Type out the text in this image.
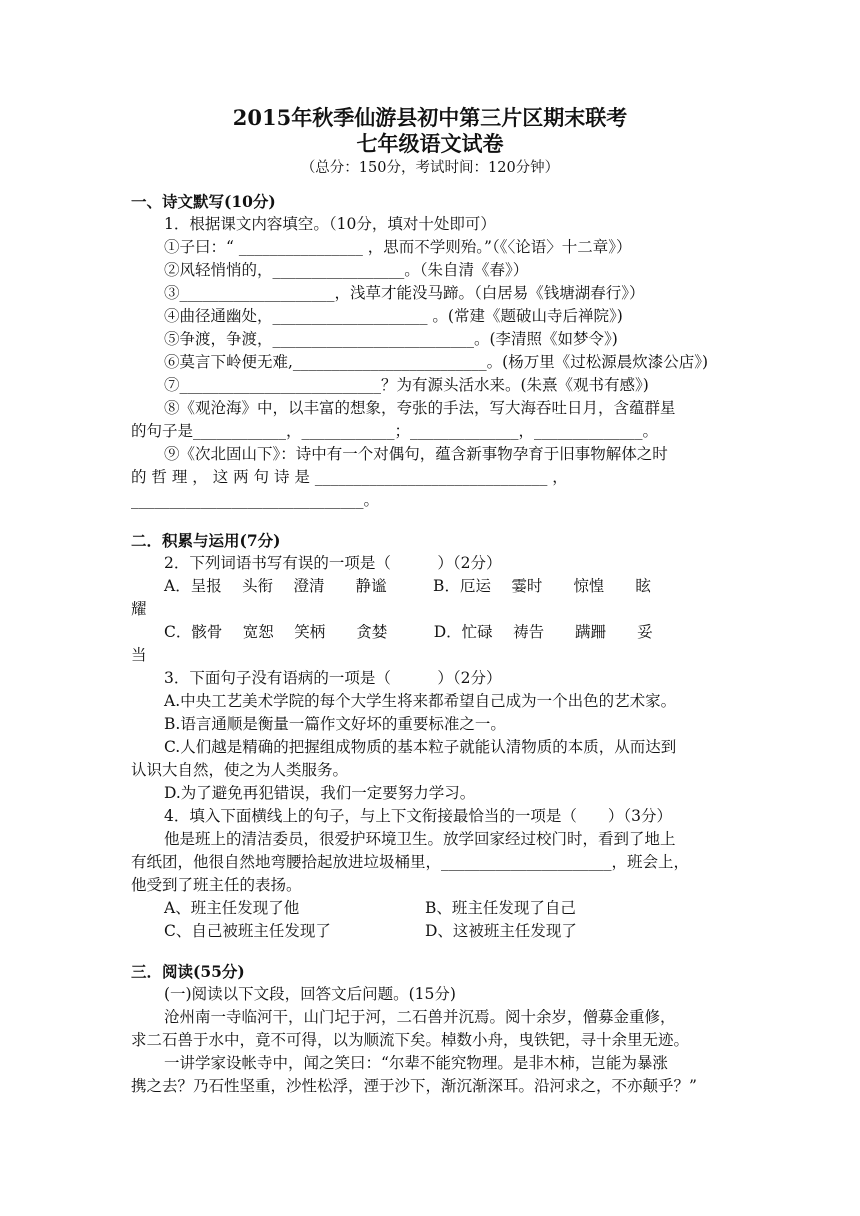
2015年秋季仙游县初中第三片区期末联考
七年级语文试卷
（总分：150分，考试时间：120分钟）
一、诗文默写(10分)
1．根据课文内容填空。（10分，填对十处即可）
①子曰：“ ________________ ，思而不学则殆。”（《〈论语〉十二章》）
②风轻悄悄的，_________________。（朱自清《春》）
③____________________，浅草才能没马蹄。（白居易《钱塘湖春行》）
④曲径通幽处，____________________ 。(常建《题破山寺后禅院》)
⑤争渡，争渡，__________________________。(李清照《如梦令》)
⑥莫言下岭便无难,_________________________。(杨万里《过松源晨炊漆公店》)
⑦__________________________？为有源头活水来。(朱熹《观书有感》)
⑧《观沧海》中，以丰富的想象，夸张的手法，写大海吞吐日月，含蕴群星
的句子是____________，____________；______________，______________。
⑨《次北固山下》：诗中有一个对偶句，蕴含新事物孕育于旧事物解体之时
的 哲 理 ， 这 两 句 诗 是 ______________________________ ，
______________________________。
二．积累与运用(7分)
2．下列词语书写有误的一项是（　　　）（2分）
A．呈报　 头衔　 澄清　　静谧　　　B．厄运　 霎时　　惊惶　　眩
耀
C．骸骨　 宽恕　 笑柄　　贪婪　　　D．忙碌　 祷告　　蹒跚　　妥
当
3．下面句子没有语病的一项是（　　　）（2分）
A.中央工艺美术学院的每个大学生将来都希望自己成为一个出色的艺术家。
B.语言通顺是衡量一篇作文好坏的重要标准之一。
C.人们越是精确的把握组成物质的基本粒子就能认清物质的本质，从而达到
认识大自然，使之为人类服务。
D.为了避免再犯错误，我们一定要努力学习。
4．填入下面横线上的句子，与上下文衔接最恰当的一项是（　　）（3分）
他是班上的清洁委员，很爱护环境卫生。放学回家经过校门时，看到了地上
有纸团，他很自然地弯腰拾起放进垃圾桶里，______________________，班会上，
他受到了班主任的表扬。
A、班主任发现了他	B、班主任发现了自己
C、自己被班主任发现了	D、这被班主任发现了
三．阅读(55分)
(一)阅读以下文段，回答文后问题。(15分)
沧州南一寺临河干，山门圮于河，二石兽并沉焉。阅十余岁，僧募金重修，
求二石兽于水中，竟不可得，以为顺流下矣。棹数小舟，曳铁钯，寻十余里无迹。
一讲学家设帐寺中，闻之笑曰：“尔辈不能究物理。是非木柿，岂能为暴涨
携之去？乃石性坚重，沙性松浮，湮于沙下，渐沉渐深耳。沿河求之，不亦颠乎？”
